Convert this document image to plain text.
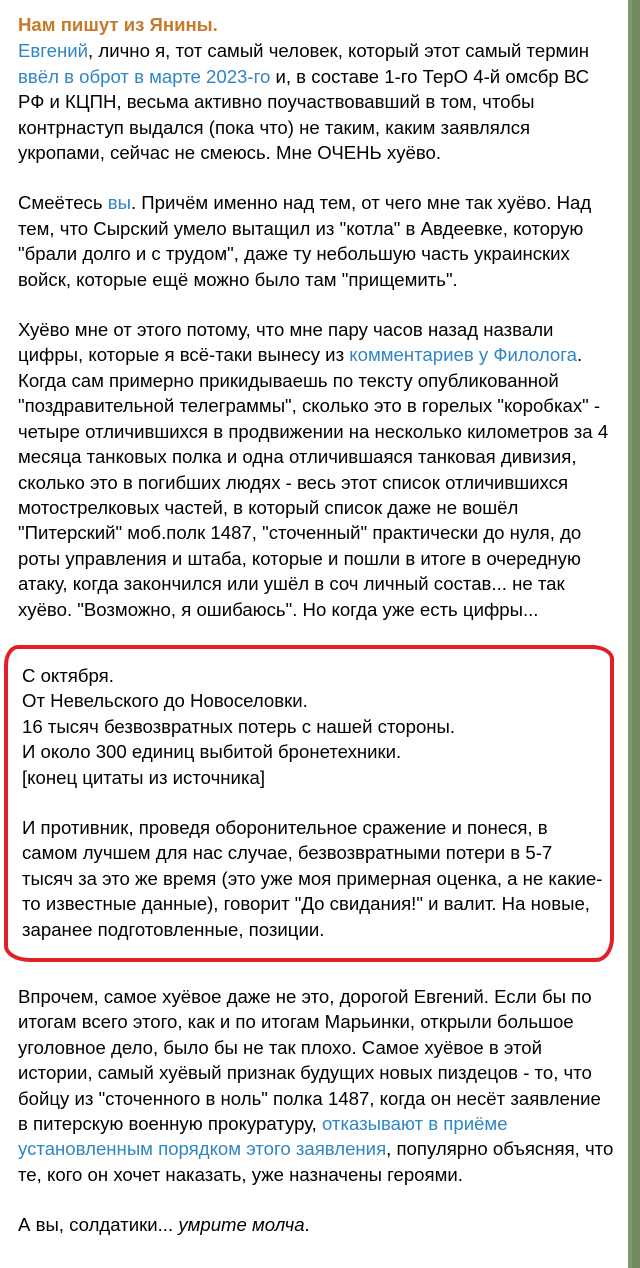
Нам пишут из Янины.

Евгений, лично я, тот самый человек, который этот самый термин ввёл в оброт в марте 2023-го и, в составе 1-го ТерО 4-й омсбр ВС РФ и КЦПН, весьма активно поучаствовавший в том, чтобы контрнаступ выдался (пока что) не таким, каким заявлялся укропами, сейчас не смеюсь. Мне ОЧЕНЬ хуёво.

Смеётесь вы. Причём именно над тем, от чего мне так хуёво. Над тем, что Сырский умело вытащил из "котла" в Авдеевке, которую "брали долго и с трудом", даже ту небольшую часть украинских войск, которые ещё можно было там "прищемить".

Хуёво мне от этого потому, что мне пару часов назад назвали цифры, которые я всё-таки вынесу из комментариев у Филолога. Когда сам примерно прикидываешь по тексту опубликованной "поздравительной телеграммы", сколько это в горелых "коробках" - четыре отличившихся в продвижении на несколько километров за 4 месяца танковых полка и одна отличившаяся танковая дивизия, сколько это в погибших людях - весь этот список отличившихся мотострелковых частей, в который список даже не вошёл "Питерский" моб.полк 1487, "сточенный" практически до нуля, до роты управления и штаба, которые и пошли в итоге в очередную атаку, когда закончился или ушёл в соч личный состав... не так хуёво. "Возможно, я ошибаюсь". Но когда уже есть цифры...

С октября.

От Невельского до Новоселовки.

16 тысяч безвозвратных потерь с нашей стороны.

И около 300 единиц выбитой бронетехники.

[конец цитаты из источника]

И противник, проведя оборонительное сражение и понеся, в самом лучшем для нас случае, безвозвратными потери в 5-7 тысяч за это же время (это уже моя примерная оценка, а не какие-то известные данные), говорит "До свидания!" и валит. На новые, заранее подготовленные, позиции.

Впрочем, самое хуёвое даже не это, дорогой Евгений. Если бы по итогам всего этого, как и по итогам Марьинки, открыли большое уголовное дело, было бы не так плохо. Самое хуёвое в этой истории, самый хуёвый признак будущих новых пиздецов - то, что бойцу из "сточенного в ноль" полка 1487, когда он несёт заявление в питерскую военную прокуратуру, отказывают в приёме установленным порядком этого заявления, популярно объясняя, что те, кого он хочет наказать, уже назначены героями.

А вы, солдатики... умрите молча.
